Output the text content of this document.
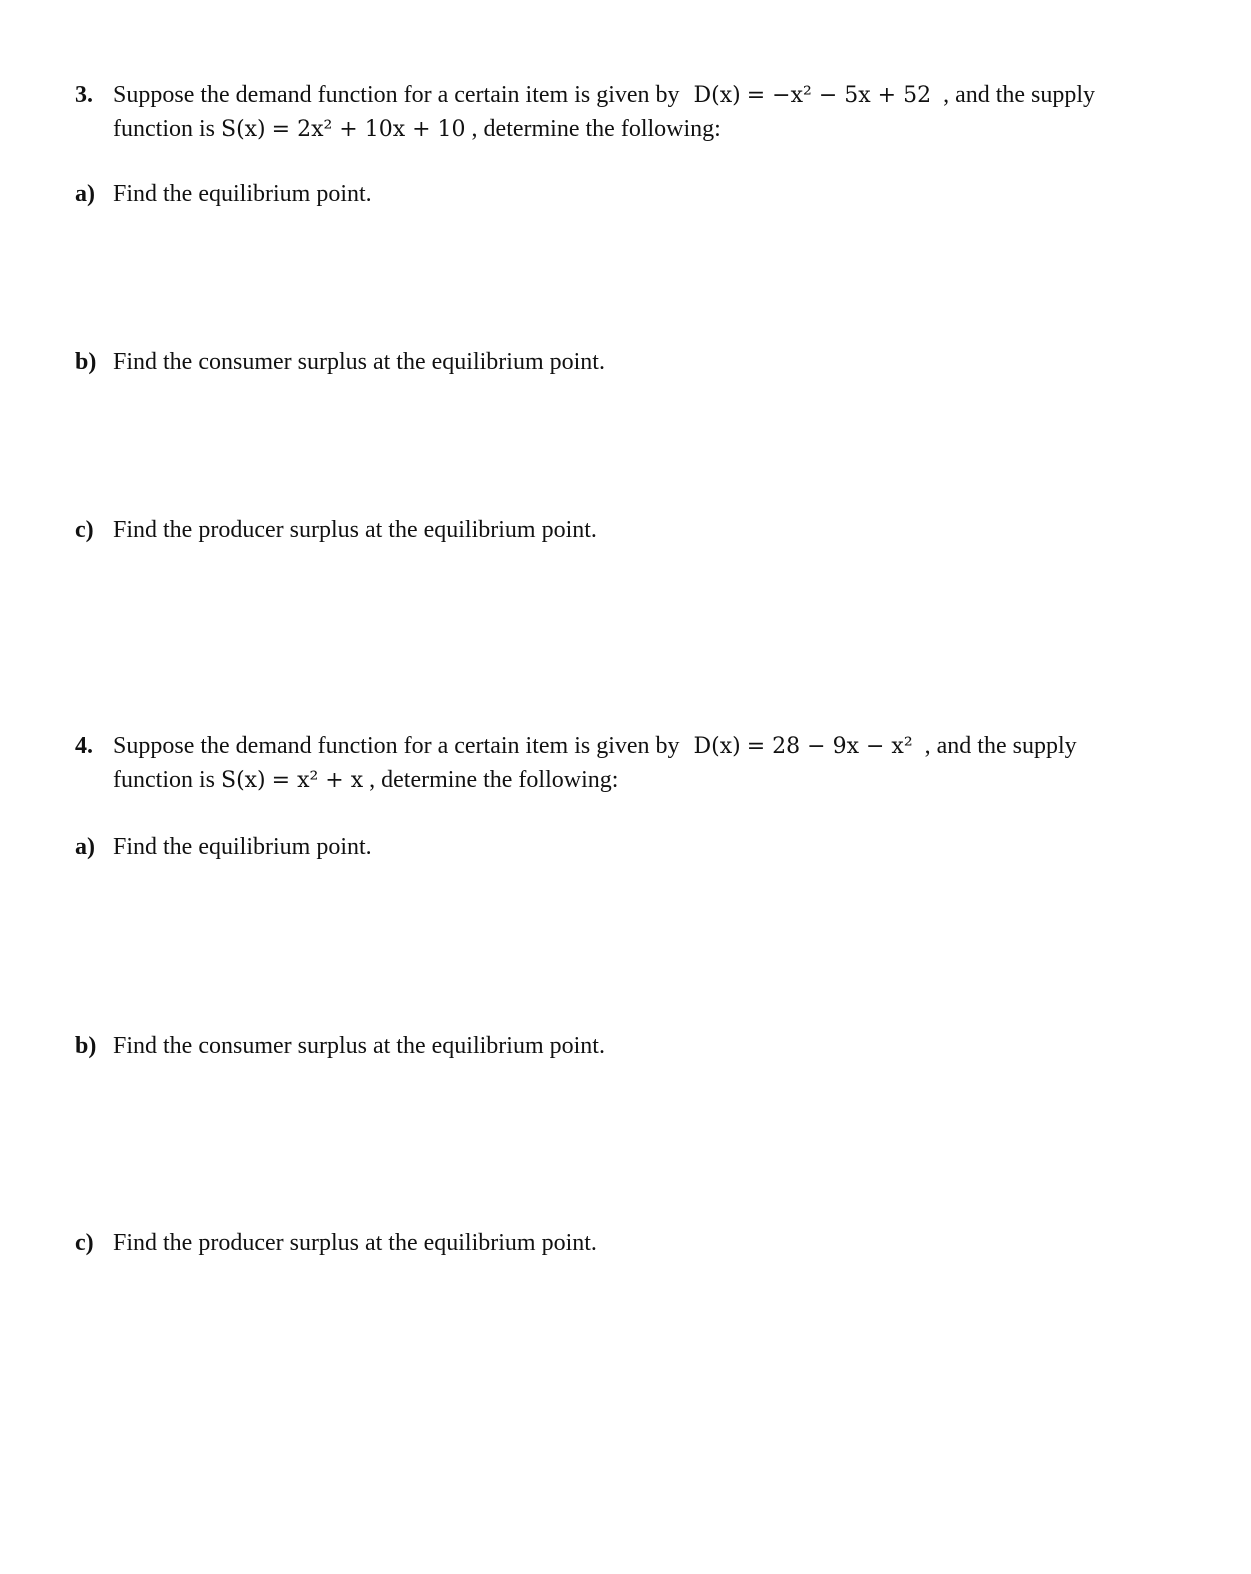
3. Suppose the demand function for a certain item is given by D(x) = −x² − 5x + 52 , and the supply
function is S(x) = 2x² + 10x + 10 , determine the following:
a) Find the equilibrium point.
b) Find the consumer surplus at the equilibrium point.
c) Find the producer surplus at the equilibrium point.
4. Suppose the demand function for a certain item is given by D(x) = 28 − 9x − x² , and the supply
function is S(x) = x² + x , determine the following:
a) Find the equilibrium point.
b) Find the consumer surplus at the equilibrium point.
c) Find the producer surplus at the equilibrium point.
